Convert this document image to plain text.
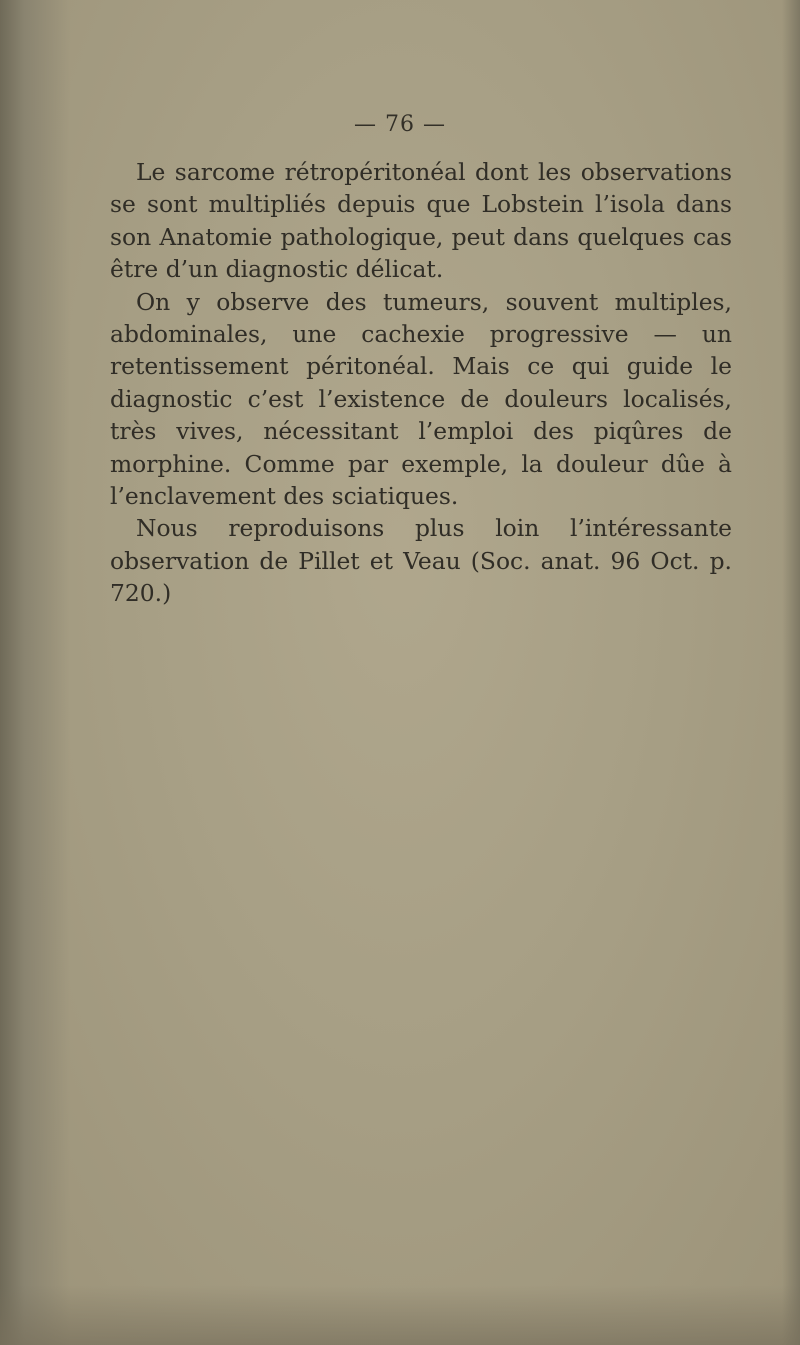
— 76 —

Le sarcome rétropéritonéal dont les observations se sont multipliés depuis que Lobstein l’isola dans son Anatomie pathologique, peut dans quelques cas être d’un diagnostic délicat.

On y observe des tumeurs, souvent multiples, abdominales, une cachexie progressive — un retentissement péritonéal. Mais ce qui guide le diagnostic c’est l’existence de douleurs localisés, très vives, nécessitant l’emploi des piqûres de morphine. Comme par exemple, la douleur dûe à l’enclavement des sciatiques.

Nous reproduisons plus loin l’intéressante observation de Pillet et Veau (Soc. anat. 96 Oct. p. 720.)
